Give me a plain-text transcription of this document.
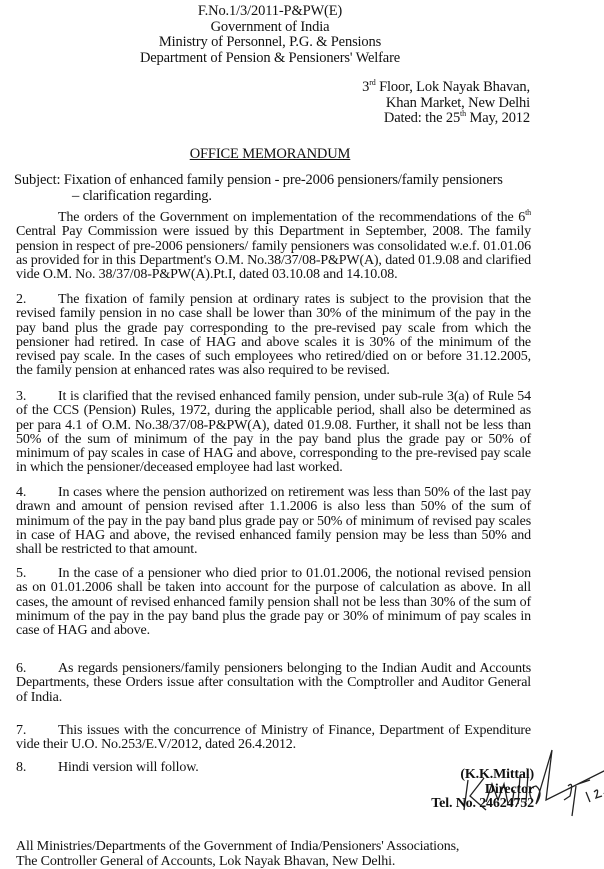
F.No.1/3/2011-P&PW(E)
Government of India
Ministry of Personnel, P.G. & Pensions
Department of Pension & Pensioners' Welfare
3rd Floor, Lok Nayak Bhavan,
Khan Market, New Delhi
Dated: the 25th May, 2012
OFFICE MEMORANDUM
Subject: Fixation of enhanced family pension - pre-2006 pensioners/family pensioners
– clarification regarding.
The orders of the Government on implementation of the recommendations of the 6th Central Pay Commission were issued by this Department in September, 2008. The family pension in respect of pre-2006 pensioners/ family pensioners was consolidated w.e.f. 01.01.06 as provided for in this Department's O.M. No.38/37/08-P&PW(A), dated 01.9.08 and clarified vide O.M. No. 38/37/08-P&PW(A).Pt.I, dated 03.10.08 and 14.10.08.
2. The fixation of family pension at ordinary rates is subject to the provision that the revised family pension in no case shall be lower than 30% of the minimum of the pay in the pay band plus the grade pay corresponding to the pre-revised pay scale from which the pensioner had retired. In case of HAG and above scales it is 30% of the minimum of the revised pay scale. In the cases of such employees who retired/died on or before 31.12.2005, the family pension at enhanced rates was also required to be revised.
3. It is clarified that the revised enhanced family pension, under sub-rule 3(a) of Rule 54 of the CCS (Pension) Rules, 1972, during the applicable period, shall also be determined as per para 4.1 of O.M. No.38/37/08-P&PW(A), dated 01.9.08. Further, it shall not be less than 50% of the sum of minimum of the pay in the pay band plus the grade pay or 50% of minimum of pay scales in case of HAG and above, corresponding to the pre-revised pay scale in which the pensioner/deceased employee had last worked.
4. In cases where the pension authorized on retirement was less than 50% of the last pay drawn and amount of pension revised after 1.1.2006 is also less than 50% of the sum of minimum of the pay in the pay band plus grade pay or 50% of minimum of revised pay scales in case of HAG and above, the revised enhanced family pension may be less than 50% and shall be restricted to that amount.
5. In the case of a pensioner who died prior to 01.01.2006, the notional revised pension as on 01.01.2006 shall be taken into account for the purpose of calculation as above. In all cases, the amount of revised enhanced family pension shall not be less than 30% of the sum of minimum of the pay in the pay band plus the grade pay or 30% of minimum of pay scales in case of HAG and above.
6. As regards pensioners/family pensioners belonging to the Indian Audit and Accounts Departments, these Orders issue after consultation with the Comptroller and Auditor General of India.
7. This issues with the concurrence of Ministry of Finance, Department of Expenditure vide their U.O. No.253/E.V/2012, dated 26.4.2012.
8. Hindi version will follow.	(K.K.Mittal)
Director
Tel. No. 24624752
All Ministries/Departments of the Government of India/Pensioners' Associations,
The Controller General of Accounts, Lok Nayak Bhavan, New Delhi.
